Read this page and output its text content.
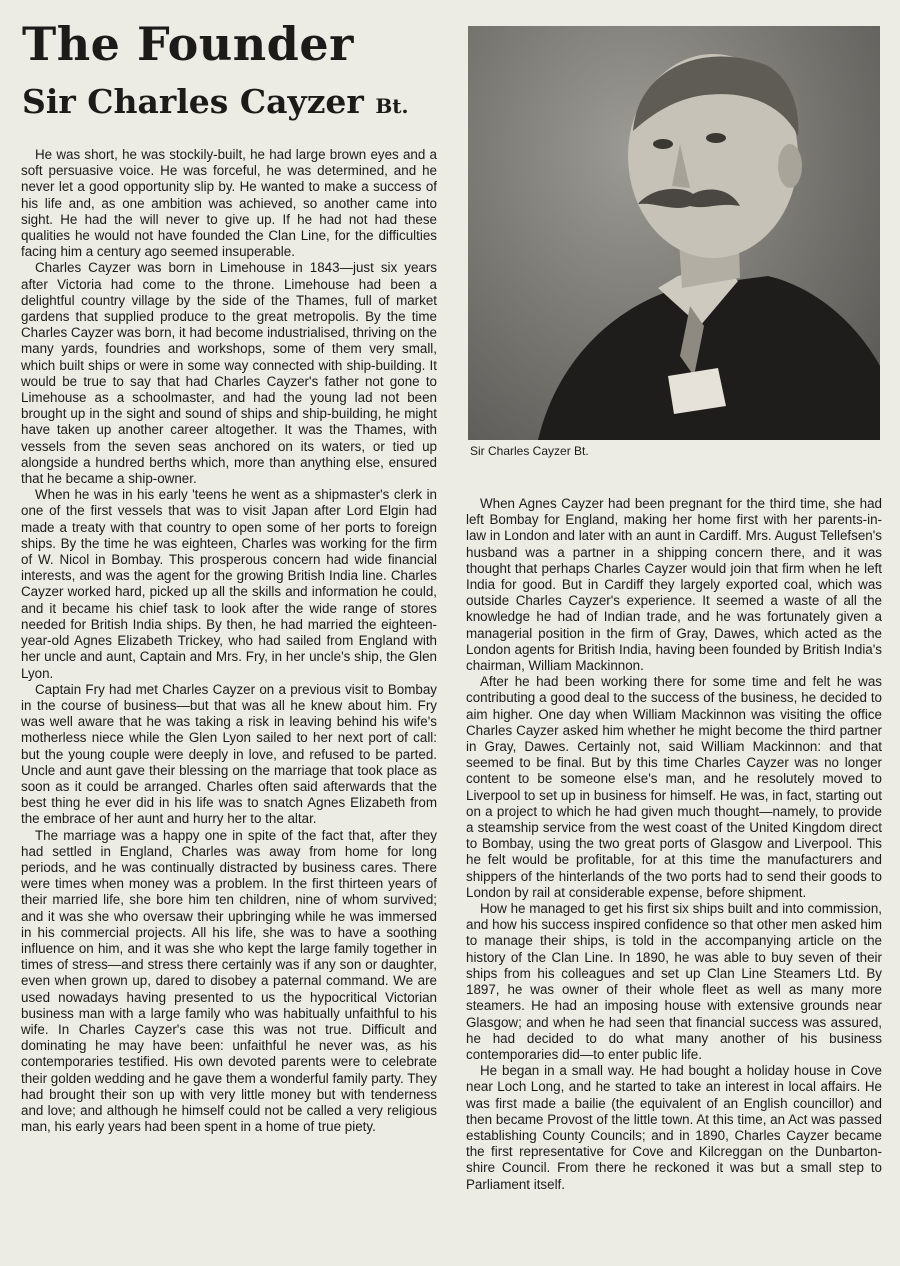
The Founder
Sir Charles Cayzer Bt.

He was short, he was stockily-built, he had large brown eyes and a soft persuasive voice. He was forceful, he was determined, and he never let a good opportunity slip by. He wanted to make a success of his life and, as one ambition was achieved, so another came into sight. He had the will never to give up. If he had not had these qualities he would not have founded the Clan Line, for the difficulties facing him a century ago seemed insuperable.

Charles Cayzer was born in Limehouse in 1843—just six years after Victoria had come to the throne. Limehouse had been a delightful country village by the side of the Thames, full of market gardens that supplied produce to the great metropolis. By the time Charles Cayzer was born, it had become industrialised, thriving on the many yards, foundries and workshops, some of them very small, which built ships or were in some way connected with ship-building. It would be true to say that had Charles Cayzer's father not gone to Limehouse as a schoolmaster, and had the young lad not been brought up in the sight and sound of ships and ship-building, he might have taken up another career altogether. It was the Thames, with vessels from the seven seas anchored on its waters, or tied up alongside a hundred berths which, more than anything else, ensured that he became a ship-owner.

When he was in his early 'teens he went as a shipmaster's clerk in one of the first vessels that was to visit Japan after Lord Elgin had made a treaty with that country to open some of her ports to foreign ships. By the time he was eighteen, Charles was working for the firm of W. Nicol in Bombay. This prosperous concern had wide financial interests, and was the agent for the growing British India line. Charles Cayzer worked hard, picked up all the skills and information he could, and it became his chief task to look after the wide range of stores needed for British India ships. By then, he had married the eighteen-year-old Agnes Elizabeth Trickey, who had sailed from England with her uncle and aunt, Captain and Mrs. Fry, in her uncle's ship, the Glen Lyon.

Captain Fry had met Charles Cayzer on a previous visit to Bombay in the course of business—but that was all he knew about him. Fry was well aware that he was taking a risk in leaving behind his wife's motherless niece while the Glen Lyon sailed to her next port of call: but the young couple were deeply in love, and refused to be parted. Uncle and aunt gave their blessing on the marriage that took place as soon as it could be arranged. Charles often said afterwards that the best thing he ever did in his life was to snatch Agnes Elizabeth from the embrace of her aunt and hurry her to the altar.

The marriage was a happy one in spite of the fact that, after they had settled in England, Charles was away from home for long periods, and he was continually distracted by business cares. There were times when money was a problem. In the first thirteen years of their married life, she bore him ten children, nine of whom survived; and it was she who oversaw their upbringing while he was immersed in his commercial projects. All his life, she was to have a soothing influence on him, and it was she who kept the large family together in times of stress—and stress there certainly was if any son or daughter, even when grown up, dared to disobey a paternal command. We are used nowadays having presented to us the hypocritical Victorian business man with a large family who was habitually unfaithful to his wife. In Charles Cayzer's case this was not true. Difficult and dominating he may have been: unfaithful he never was, as his contemporaries testified. His own devoted parents were to celebrate their golden wedding and he gave them a wonderful family party. They had brought their son up with very little money but with tenderness and love; and although he himself could not be called a very religious man, his early years had been spent in a home of true piety.

Sir Charles Cayzer Bt.

When Agnes Cayzer had been pregnant for the third time, she had left Bombay for England, making her home first with her parents-in-law in London and later with an aunt in Cardiff. Mrs. August Tellefsen's husband was a partner in a shipping concern there, and it was thought that perhaps Charles Cayzer would join that firm when he left India for good. But in Cardiff they largely exported coal, which was outside Charles Cayzer's experience. It seemed a waste of all the knowledge he had of Indian trade, and he was fortunately given a managerial position in the firm of Gray, Dawes, which acted as the London agents for British India, having been founded by British India's chairman, William Mackinnon.

After he had been working there for some time and felt he was contributing a good deal to the success of the business, he decided to aim higher. One day when William Mackinnon was visiting the office Charles Cayzer asked him whether he might become the third partner in Gray, Dawes. Certainly not, said William Mackinnon: and that seemed to be final. But by this time Charles Cayzer was no longer content to be someone else's man, and he resolutely moved to Liverpool to set up in business for himself. He was, in fact, starting out on a project to which he had given much thought—namely, to provide a steamship service from the west coast of the United Kingdom direct to Bombay, using the two great ports of Glasgow and Liverpool. This he felt would be profitable, for at this time the manufacturers and shippers of the hinterlands of the two ports had to send their goods to London by rail at considerable expense, before shipment.

How he managed to get his first six ships built and into commission, and how his success inspired confidence so that other men asked him to manage their ships, is told in the accompanying article on the history of the Clan Line. In 1890, he was able to buy seven of their ships from his colleagues and set up Clan Line Steamers Ltd. By 1897, he was owner of their whole fleet as well as many more steamers. He had an imposing house with extensive grounds near Glasgow; and when he had seen that financial success was assured, he had decided to do what many another of his business contemporaries did—to enter public life.

He began in a small way. He had bought a holiday house in Cove near Loch Long, and he started to take an interest in local affairs. He was first made a bailie (the equivalent of an English councillor) and then became Provost of the little town. At this time, an Act was passed establishing County Councils; and in 1890, Charles Cayzer became the first representative for Cove and Kilcreggan on the Dunbarton-shire Council. From there he reckoned it was but a small step to Parliament itself.
